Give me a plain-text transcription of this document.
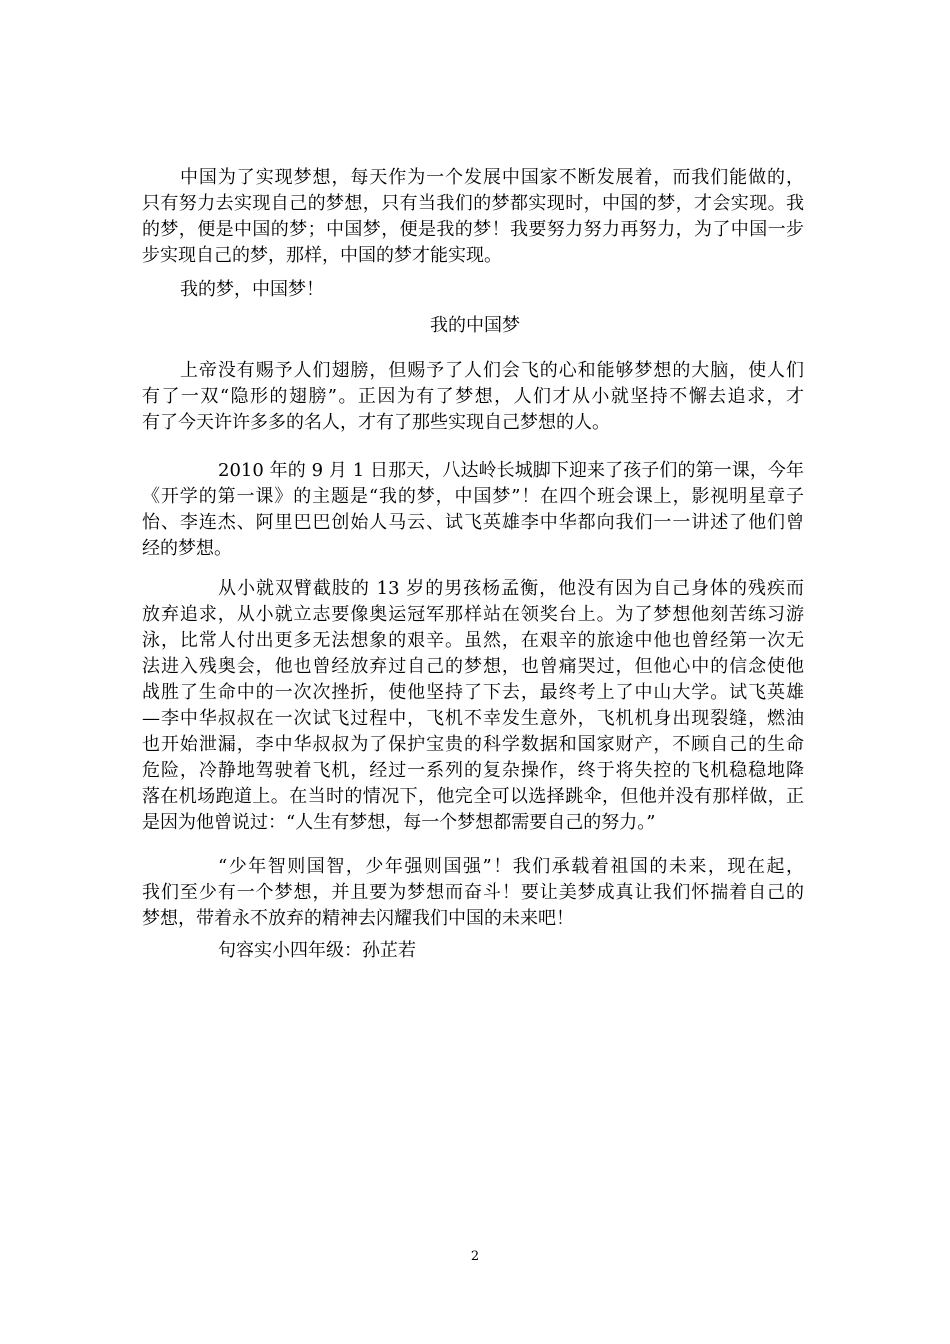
中国为了实现梦想，每天作为一个发展中国家不断发展着，而我们能做的，
只有努力去实现自己的梦想，只有当我们的梦都实现时，中国的梦，才会实现。我
的梦，便是中国的梦；中国梦，便是我的梦！我要努力努力再努力，为了中国一步
步实现自己的梦，那样，中国的梦才能实现。
我的梦，中国梦！
我的中国梦
上帝没有赐予人们翅膀，但赐予了人们会飞的心和能够梦想的大脑，使人们
有了一双“隐形的翅膀”。正因为有了梦想，人们才从小就坚持不懈去追求，才
有了今天许许多多的名人，才有了那些实现自己梦想的人。
2010 年的 9 月 1 日那天，八达岭长城脚下迎来了孩子们的第一课，今年
《开学的第一课》的主题是“我的梦，中国梦”！在四个班会课上，影视明星章子
怡、李连杰、阿里巴巴创始人马云、试飞英雄李中华都向我们一一讲述了他们曾
经的梦想。
从小就双臂截肢的 13 岁的男孩杨孟衡，他没有因为自己身体的残疾而
放弃追求，从小就立志要像奥运冠军那样站在领奖台上。为了梦想他刻苦练习游
泳，比常人付出更多无法想象的艰辛。虽然，在艰辛的旅途中他也曾经第一次无
法进入残奥会，他也曾经放弃过自己的梦想，也曾痛哭过，但他心中的信念使他
战胜了生命中的一次次挫折，使他坚持了下去，最终考上了中山大学。试飞英雄
—李中华叔叔在一次试飞过程中，飞机不幸发生意外，飞机机身出现裂缝，燃油
也开始泄漏，李中华叔叔为了保护宝贵的科学数据和国家财产，不顾自己的生命
危险，冷静地驾驶着飞机，经过一系列的复杂操作，终于将失控的飞机稳稳地降
落在机场跑道上。在当时的情况下，他完全可以选择跳伞，但他并没有那样做，正
是因为他曾说过：“人生有梦想，每一个梦想都需要自己的努力。”
“少年智则国智，少年强则国强”！我们承载着祖国的未来，现在起，
我们至少有一个梦想，并且要为梦想而奋斗！要让美梦成真让我们怀揣着自己的
梦想，带着永不放弃的精神去闪耀我们中国的未来吧！
句容实小四年级：孙芷若
2
